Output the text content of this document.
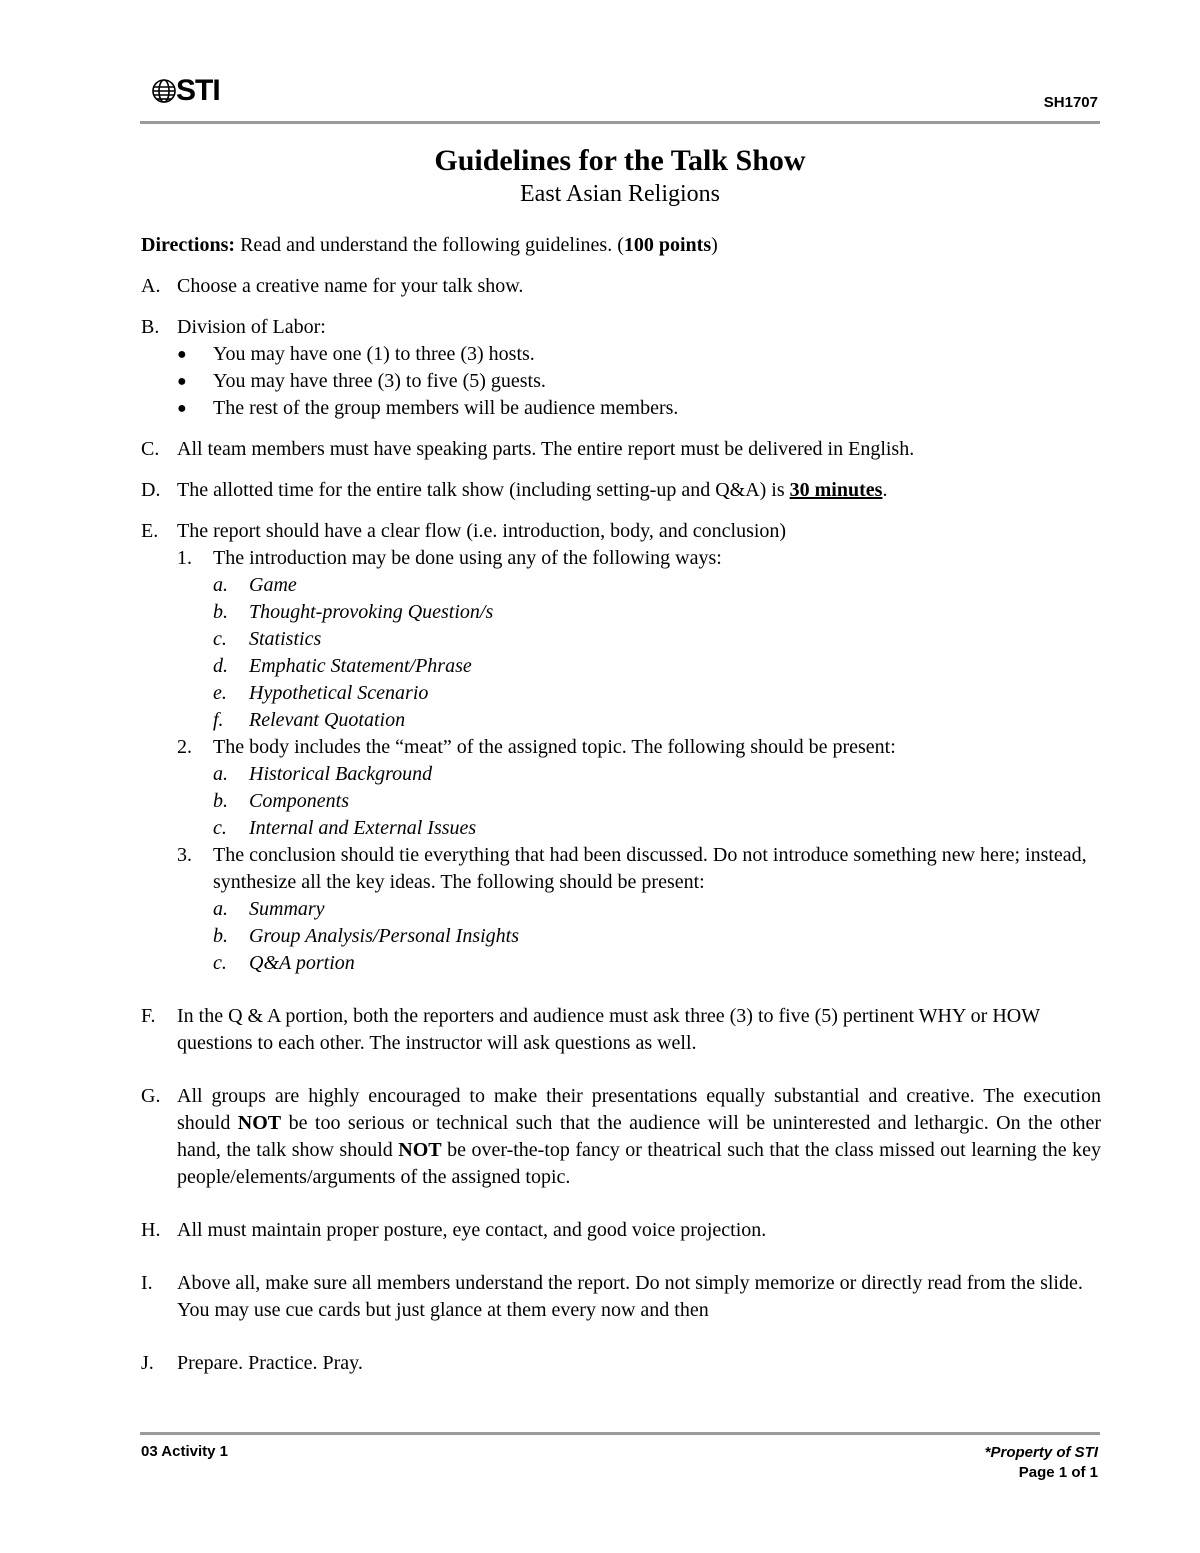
STI	SH1707
Guidelines for the Talk Show
East Asian Religions

Directions: Read and understand the following guidelines. (100 points)

A. Choose a creative name for your talk show.
B. Division of Labor:
●	You may have one (1) to three (3) hosts.
●	You may have three (3) to five (5) guests.
●	The rest of the group members will be audience members.
C. All team members must have speaking parts. The entire report must be delivered in English.
D. The allotted time for the entire talk show (including setting-up and Q&A) is 30 minutes.
E. The report should have a clear flow (i.e. introduction, body, and conclusion)
1.	The introduction may be done using any of the following ways:
a.	Game
b.	Thought-provoking Question/s
c.	Statistics
d.	Emphatic Statement/Phrase
e.	Hypothetical Scenario
f.	Relevant Quotation
2.	The body includes the “meat” of the assigned topic. The following should be present:
a.	Historical Background
b.	Components
c.	Internal and External Issues
3.	The conclusion should tie everything that had been discussed. Do not introduce something new here; instead, synthesize all the key ideas. The following should be present:
a.	Summary
b.	Group Analysis/Personal Insights
c.	Q&A portion
F.	In the Q & A portion, both the reporters and audience must ask three (3) to five (5) pertinent WHY or HOW questions to each other. The instructor will ask questions as well.
G. All groups are highly encouraged to make their presentations equally substantial and creative. The execution should NOT be too serious or technical such that the audience will be uninterested and lethargic. On the other hand, the talk show should NOT be over-the-top fancy or theatrical such that the class missed out learning the key people/elements/arguments of the assigned topic.
H. All must maintain proper posture, eye contact, and good voice projection.
I.	Above all, make sure all members understand the report. Do not simply memorize or directly read from the slide. You may use cue cards but just glance at them every now and then
J.	Prepare. Practice. Pray.
03 Activity 1	*Property of STI
Page 1 of 1
